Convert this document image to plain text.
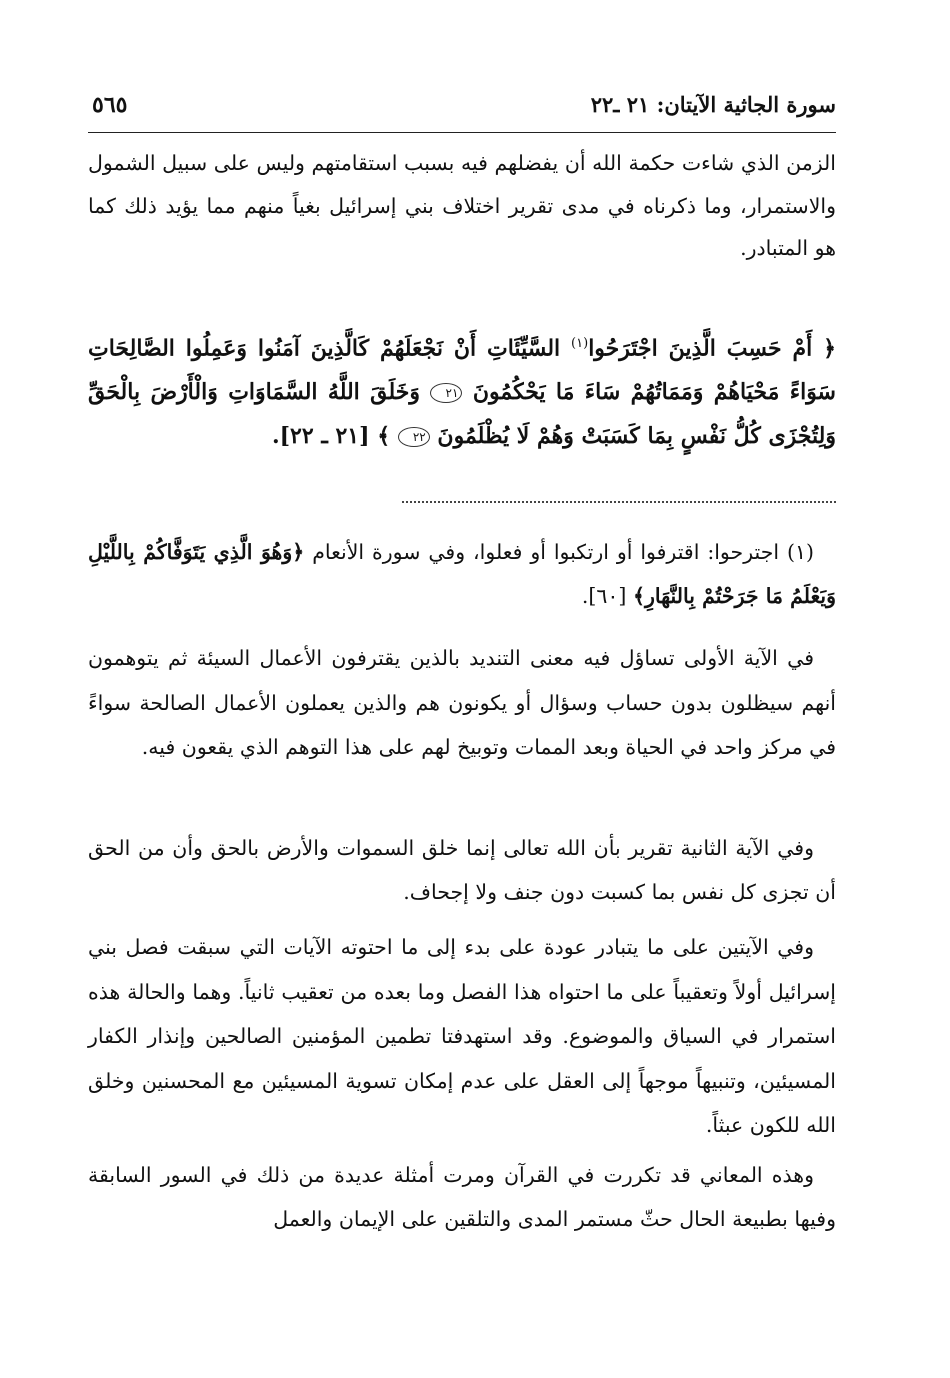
سورة الجاثية الآيتان: ٢١ ـ٢٢
٥٦٥
الزمن الذي شاءت حكمة الله أن يفضلهم فيه بسبب استقامتهم وليس على سبيل الشمول والاستمرار، وما ذكرناه في مدى تقرير اختلاف بني إسرائيل بغياً منهم مما يؤيد ذلك كما هو المتبادر.
﴿ أَمْ حَسِبَ الَّذِينَ اجْتَرَحُوا$^{(١)}$ السَّيِّئَاتِ أَنْ نَجْعَلَهُمْ كَالَّذِينَ آمَنُوا وَعَمِلُوا الصَّالِحَاتِ سَوَاءً مَحْيَاهُمْ وَمَمَاتُهُمْ سَاءَ مَا يَحْكُمُونَ ٢١ وَخَلَقَ اللَّهُ السَّمَاوَاتِ وَالْأَرْضَ بِالْحَقِّ وَلِتُجْزَى كُلُّ نَفْسٍ بِمَا كَسَبَتْ وَهُمْ لَا يُظْلَمُونَ ٢٢ ﴾ [٢١ ـ ٢٢].
(١) اجترحوا: اقترفوا أو ارتكبوا أو فعلوا، وفي سورة الأنعام ﴿وَهُوَ الَّذِي يَتَوَفَّاكُمْ بِاللَّيْلِ وَيَعْلَمُ مَا جَرَحْتُمْ بِالنَّهَارِ﴾ [٦٠].
في الآية الأولى تساؤل فيه معنى التنديد بالذين يقترفون الأعمال السيئة ثم يتوهمون أنهم سيظلون بدون حساب وسؤال أو يكونون هم والذين يعملون الأعمال الصالحة سواءً في مركز واحد في الحياة وبعد الممات وتوبيخ لهم على هذا التوهم الذي يقعون فيه.
وفي الآية الثانية تقرير بأن الله تعالى إنما خلق السموات والأرض بالحق وأن من الحق أن تجزى كل نفس بما كسبت دون جنف ولا إجحاف.
وفي الآيتين على ما يتبادر عودة على بدء إلى ما احتوته الآيات التي سبقت فصل بني إسرائيل أولاً وتعقيباً على ما احتواه هذا الفصل وما بعده من تعقيب ثانياً. وهما والحالة هذه استمرار في السياق والموضوع. وقد استهدفتا تطمين المؤمنين الصالحين وإنذار الكفار المسيئين، وتنبيهاً موجهاً إلى العقل على عدم إمكان تسوية المسيئين مع المحسنين وخلق الله للكون عبثاً.
وهذه المعاني قد تكررت في القرآن ومرت أمثلة عديدة من ذلك في السور السابقة وفيها بطبيعة الحال حثّ مستمر المدى والتلقين على الإيمان والعمل
